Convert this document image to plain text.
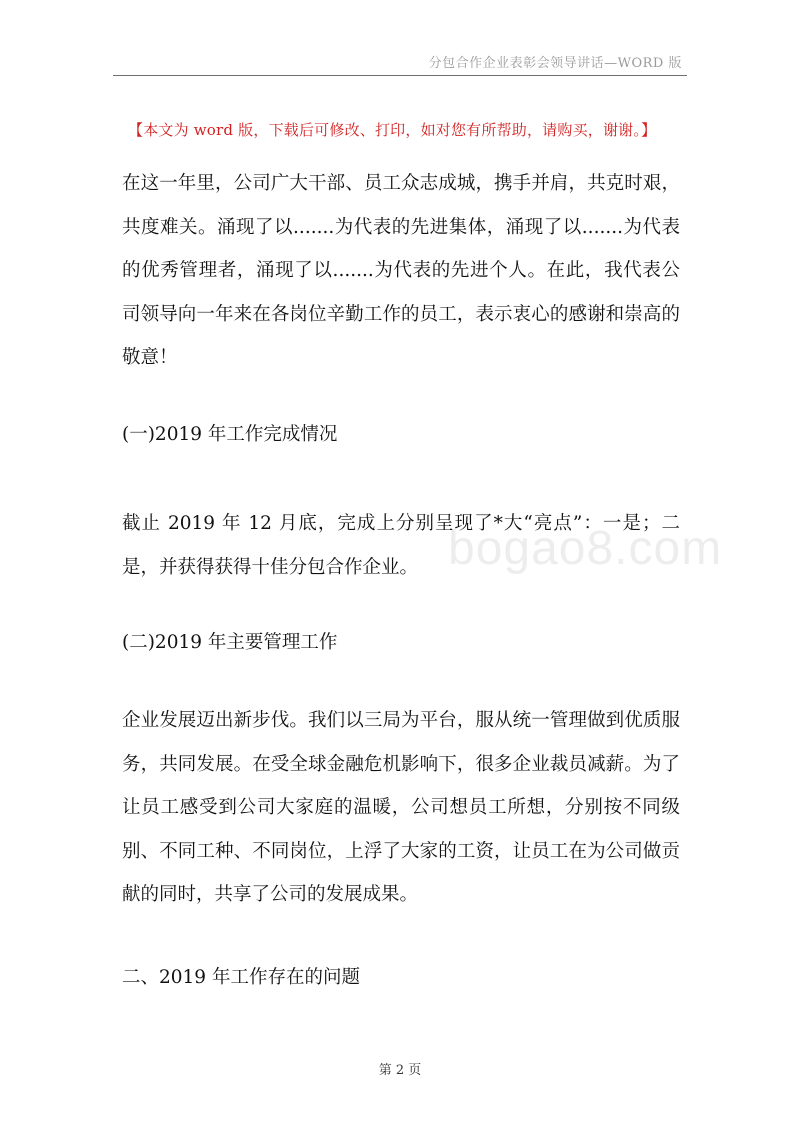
分包合作企业表彰会领导讲话—WORD 版
【本文为 word 版，下载后可修改、打印，如对您有所帮助，请购买，谢谢。】
在这一年里，公司广大干部、员工众志成城，携手并肩，共克时艰，共度难关。涌现了以.......为代表的先进集体，涌现了以.......为代表的优秀管理者，涌现了以.......为代表的先进个人。在此，我代表公司领导向一年来在各岗位辛勤工作的员工，表示衷心的感谢和崇高的敬意！
(一)2019 年工作完成情况
截止 2019 年 12 月底，完成上分别呈现了*大“亮点”：一是；二是，并获得获得十佳分包合作企业。 bogao8.com
(二)2019 年主要管理工作
企业发展迈出新步伐。我们以三局为平台，服从统一管理做到优质服务，共同发展。在受全球金融危机影响下，很多企业裁员减薪。为了让员工感受到公司大家庭的温暖，公司想员工所想，分别按不同级别、不同工种、不同岗位，上浮了大家的工资，让员工在为公司做贡献的同时，共享了公司的发展成果。
二、2019 年工作存在的问题
第 2 页
